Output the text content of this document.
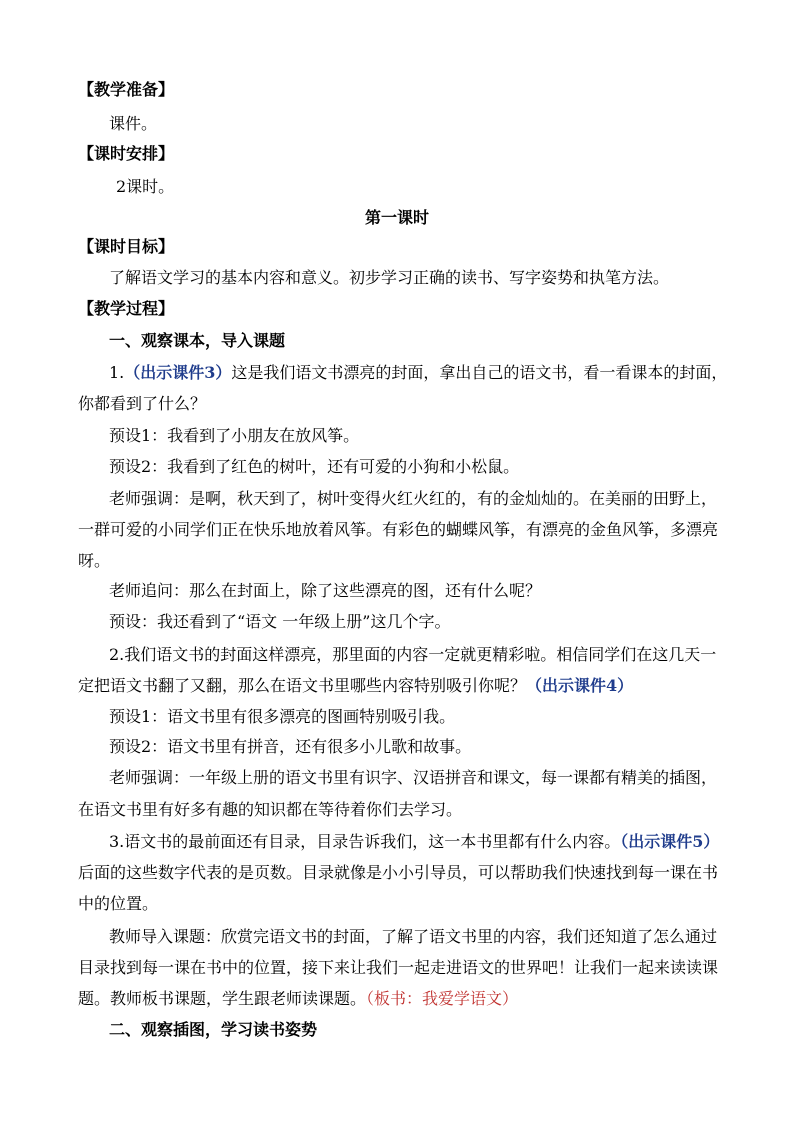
【教学准备】
课件。
【课时安排】
2课时。
第一课时
【课时目标】
了解语文学习的基本内容和意义。初步学习正确的读书、写字姿势和执笔方法。
【教学过程】
一、观察课本，导入课题
1.（出示课件3）这是我们语文书漂亮的封面，拿出自己的语文书，看一看课本的封面，
你都看到了什么？
预设1：我看到了小朋友在放风筝。
预设2：我看到了红色的树叶，还有可爱的小狗和小松鼠。
老师强调：是啊，秋天到了，树叶变得火红火红的，有的金灿灿的。在美丽的田野上，
一群可爱的小同学们正在快乐地放着风筝。有彩色的蝴蝶风筝，有漂亮的金鱼风筝，多漂亮
呀。
老师追问：那么在封面上，除了这些漂亮的图，还有什么呢？
预设：我还看到了“语文 一年级上册”这几个字。
2.我们语文书的封面这样漂亮，那里面的内容一定就更精彩啦。相信同学们在这几天一
定把语文书翻了又翻，那么在语文书里哪些内容特别吸引你呢？（出示课件4）
预设1：语文书里有很多漂亮的图画特别吸引我。
预设2：语文书里有拼音，还有很多小儿歌和故事。
老师强调：一年级上册的语文书里有识字、汉语拼音和课文，每一课都有精美的插图，
在语文书里有好多有趣的知识都在等待着你们去学习。
3.语文书的最前面还有目录，目录告诉我们，这一本书里都有什么内容。（出示课件5）
后面的这些数字代表的是页数。目录就像是小小引导员，可以帮助我们快速找到每一课在书
中的位置。
教师导入课题：欣赏完语文书的封面，了解了语文书里的内容，我们还知道了怎么通过
目录找到每一课在书中的位置，接下来让我们一起走进语文的世界吧！让我们一起来读读课
题。教师板书课题，学生跟老师读课题。（板书：我爱学语文）
二、观察插图，学习读书姿势
